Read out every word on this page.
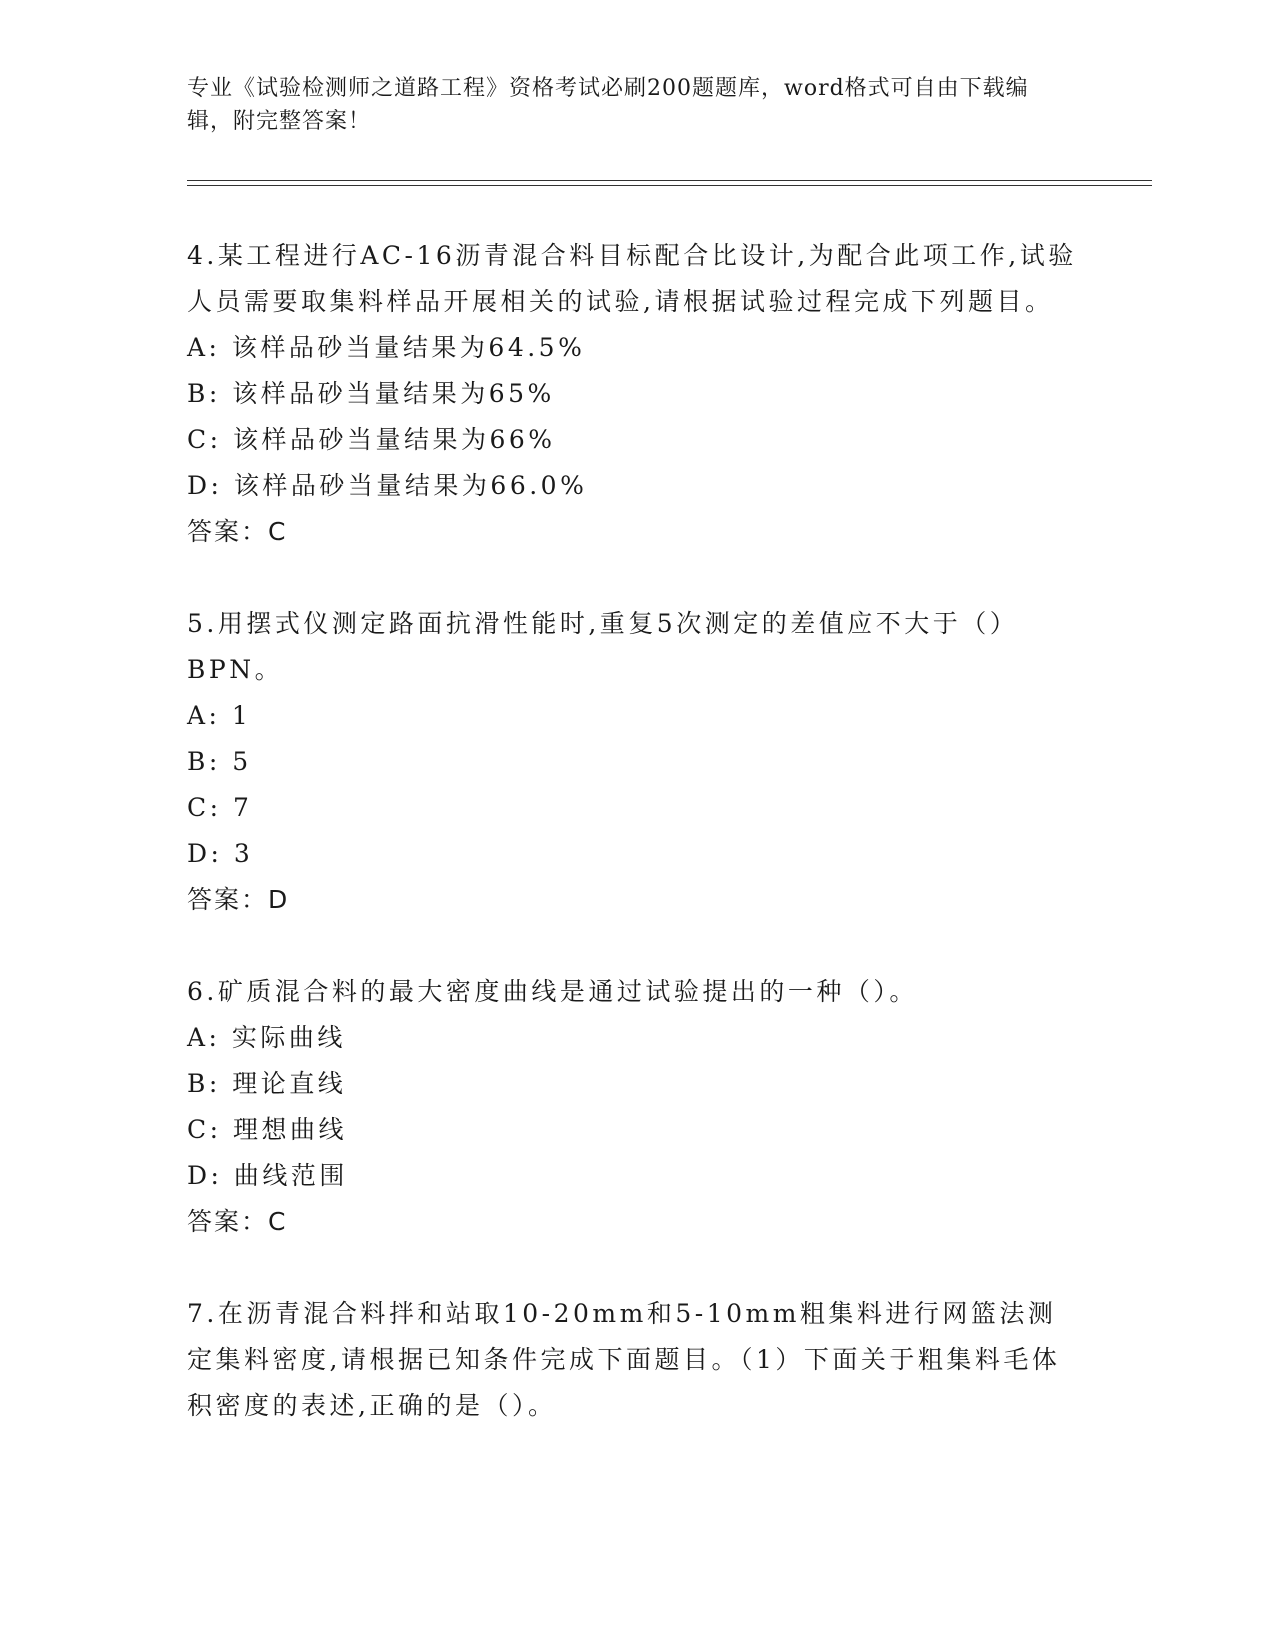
专业《试验检测师之道路工程》资格考试必刷200题题库，word格式可自由下载编辑，附完整答案！

4.某工程进行AC-16沥青混合料目标配合比设计,为配合此项工作,试验人员需要取集料样品开展相关的试验,请根据试验过程完成下列题目。

A: 该样品砂当量结果为64.5%

B: 该样品砂当量结果为65%

C: 该样品砂当量结果为66%

D: 该样品砂当量结果为66.0%

答案：C

5.用摆式仪测定路面抗滑性能时,重复5次测定的差值应不大于（）BPN。

A: 1

B: 5

C: 7

D: 3

答案：D

6.矿质混合料的最大密度曲线是通过试验提出的一种（）。

A: 实际曲线

B: 理论直线

C: 理想曲线

D: 曲线范围

答案：C

7.在沥青混合料拌和站取10-20mm和5-10mm粗集料进行网篮法测定集料密度,请根据已知条件完成下面题目。（1）下面关于粗集料毛体积密度的表述,正确的是（）。
